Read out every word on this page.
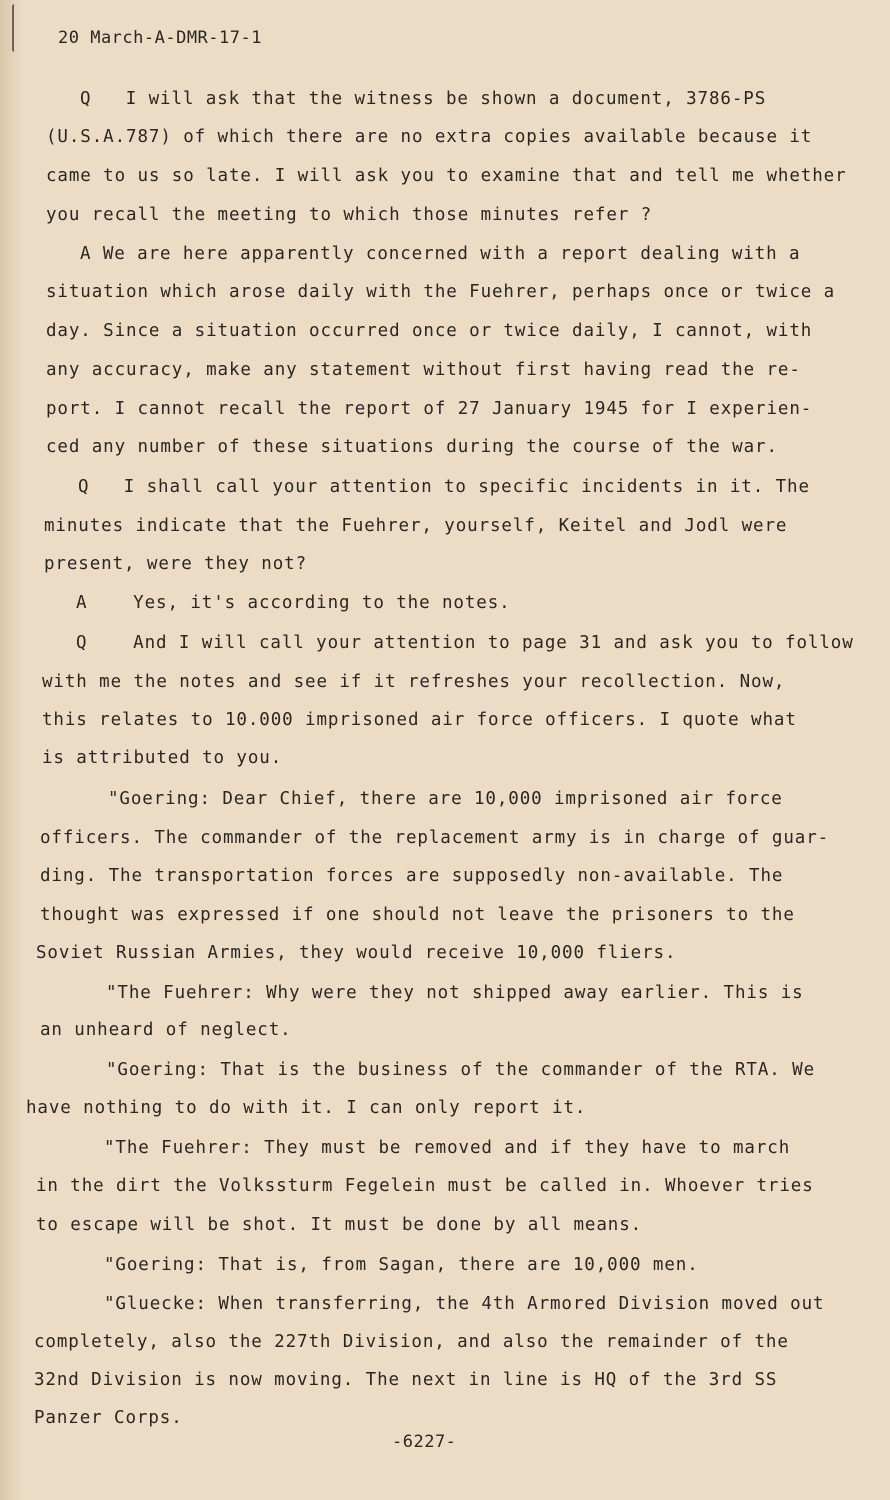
20 March-A-DMR-17-1
Q   I will ask that the witness be shown a document, 3786-PS
(U.S.A.787) of which there are no extra copies available because it
came to us so late. I will ask you to examine that and tell me whether
you recall the meeting to which those minutes refer ?
A We are here apparently concerned with a report dealing with a
situation which arose daily with the Fuehrer, perhaps once or twice a
day. Since a situation occurred once or twice daily, I cannot, with
any accuracy, make any statement without first having read the re-
port. I cannot recall the report of 27 January 1945 for I experien-
ced any number of these situations during the course of the war.
Q   I shall call your attention to specific incidents in it. The
minutes indicate that the Fuehrer, yourself, Keitel and Jodl were
present, were they not?
A    Yes, it's according to the notes.
Q    And I will call your attention to page 31 and ask you to follow
with me the notes and see if it refreshes your recollection. Now,
this relates to 10.000 imprisoned air force officers. I quote what
is attributed to you.
"Goering: Dear Chief, there are 10,000 imprisoned air force
officers. The commander of the replacement army is in charge of guar-
ding. The transportation forces are supposedly non-available. The
thought was expressed if one should not leave the prisoners to the
Soviet Russian Armies, they would receive 10,000 fliers.
"The Fuehrer: Why were they not shipped away earlier. This is
an unheard of neglect.
"Goering: That is the business of the commander of the RTA. We
have nothing to do with it. I can only report it.
"The Fuehrer: They must be removed and if they have to march
in the dirt the Volkssturm Fegelein must be called in. Whoever tries
to escape will be shot. It must be done by all means.
"Goering: That is, from Sagan, there are 10,000 men.
"Gluecke: When transferring, the 4th Armored Division moved out
completely, also the 227th Division, and also the remainder of the
32nd Division is now moving. The next in line is HQ of the 3rd SS
Panzer Corps.
-6227-
